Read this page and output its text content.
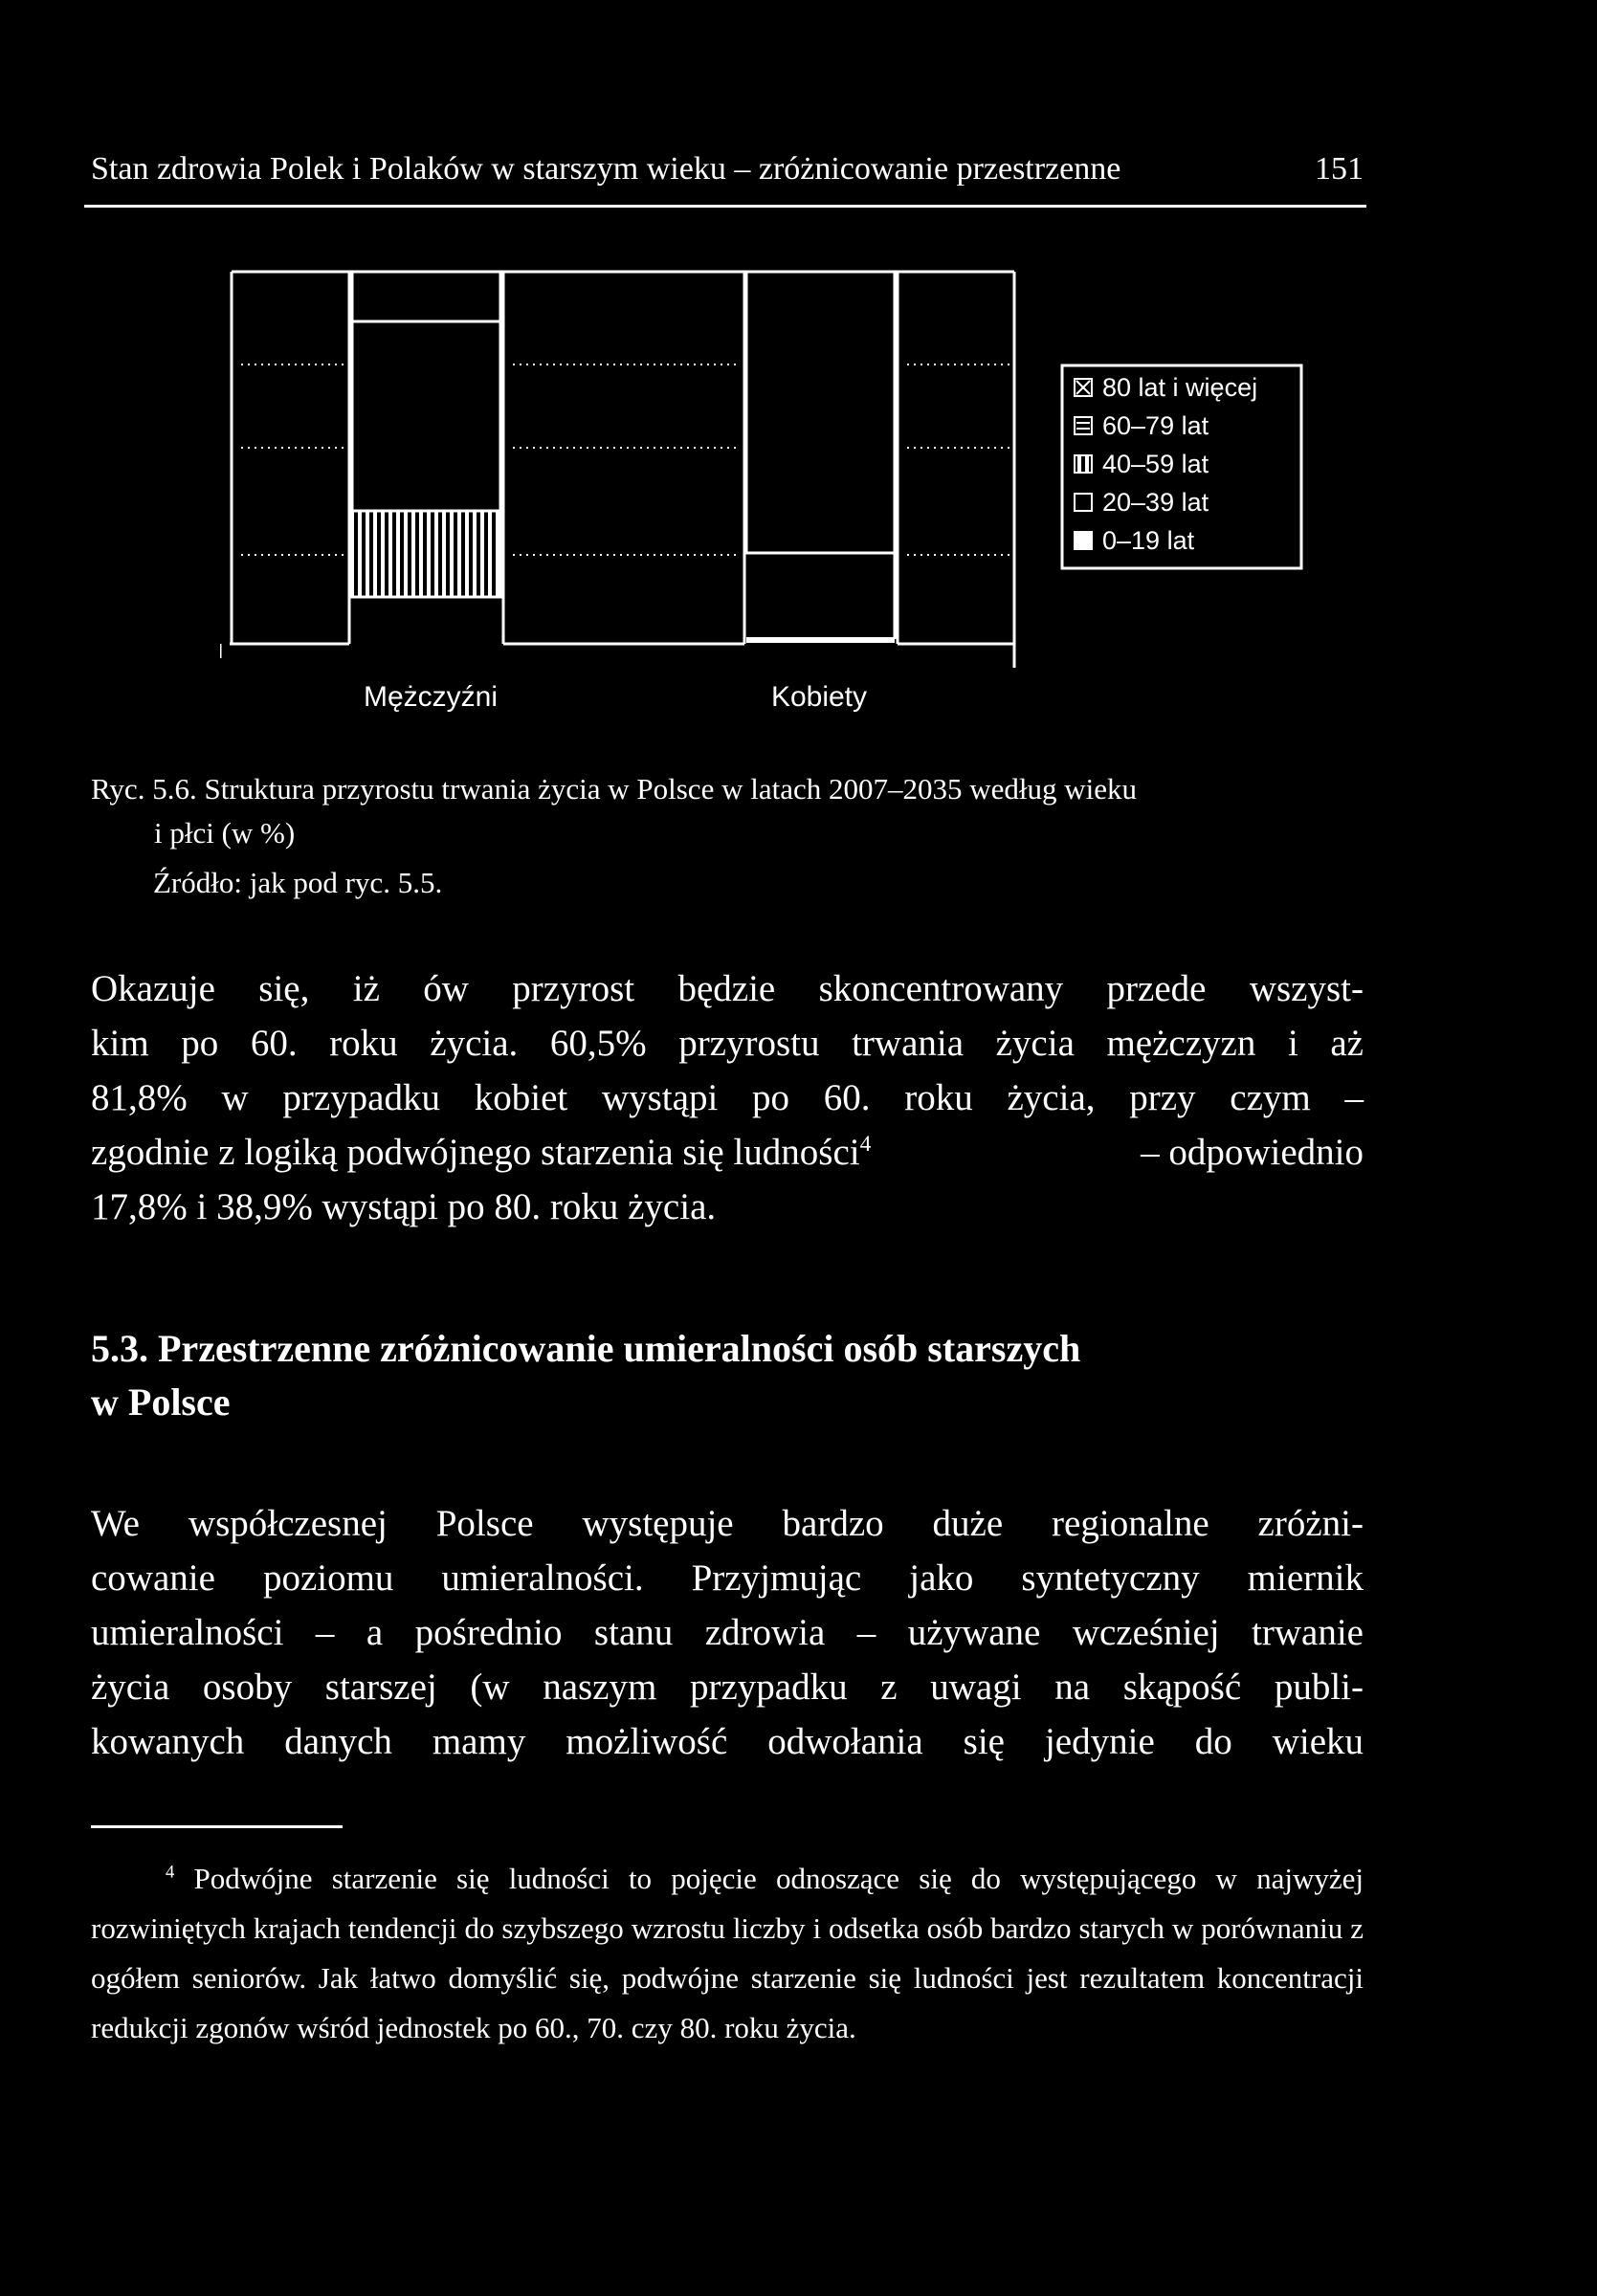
Stan zdrowia Polek i Polaków w starszym wieku – zróżnicowanie przestrzenne	151
Mężczyźni	Kobiety
80 lat i więcej
60–79 lat
40–59 lat
20–39 lat
0–19 lat
Ryc. 5.6. Struktura przyrostu trwania życia w Polsce w latach 2007–2035 według wieku
i płci (w %)
Źródło: jak pod ryc. 5.5.
Okazuje się, iż ów przyrost będzie skoncentrowany przede wszyst-
kim po 60. roku życia. 60,5% przyrostu trwania życia mężczyzn i aż
81,8% w przypadku kobiet wystąpi po 60. roku życia, przy czym –
zgodnie z logiką podwójnego starzenia się ludności$^4$	– odpowiednio
17,8% i 38,9% wystąpi po 80. roku życia.
5.3. Przestrzenne zróżnicowanie umieralności osób starszych
w Polsce
We współczesnej Polsce występuje bardzo duże regionalne zróżni-
cowanie poziomu umieralności. Przyjmując jako syntetyczny miernik
umieralności – a pośrednio stanu zdrowia – używane wcześniej trwanie
życia osoby starszej (w naszym przypadku z uwagi na skąpość publi-
kowanych danych mamy możliwość odwołania się jedynie do wieku
$^4$ Podwójne starzenie się ludności to pojęcie odnoszące się do występującego w najwyżej rozwiniętych krajach tendencji do szybszego wzrostu liczby i odsetka osób bardzo starych w porównaniu z ogółem seniorów. Jak łatwo domyślić się, podwójne starzenie się ludności jest rezultatem koncentracji redukcji zgonów wśród jednostek po 60., 70. czy 80. roku życia.
